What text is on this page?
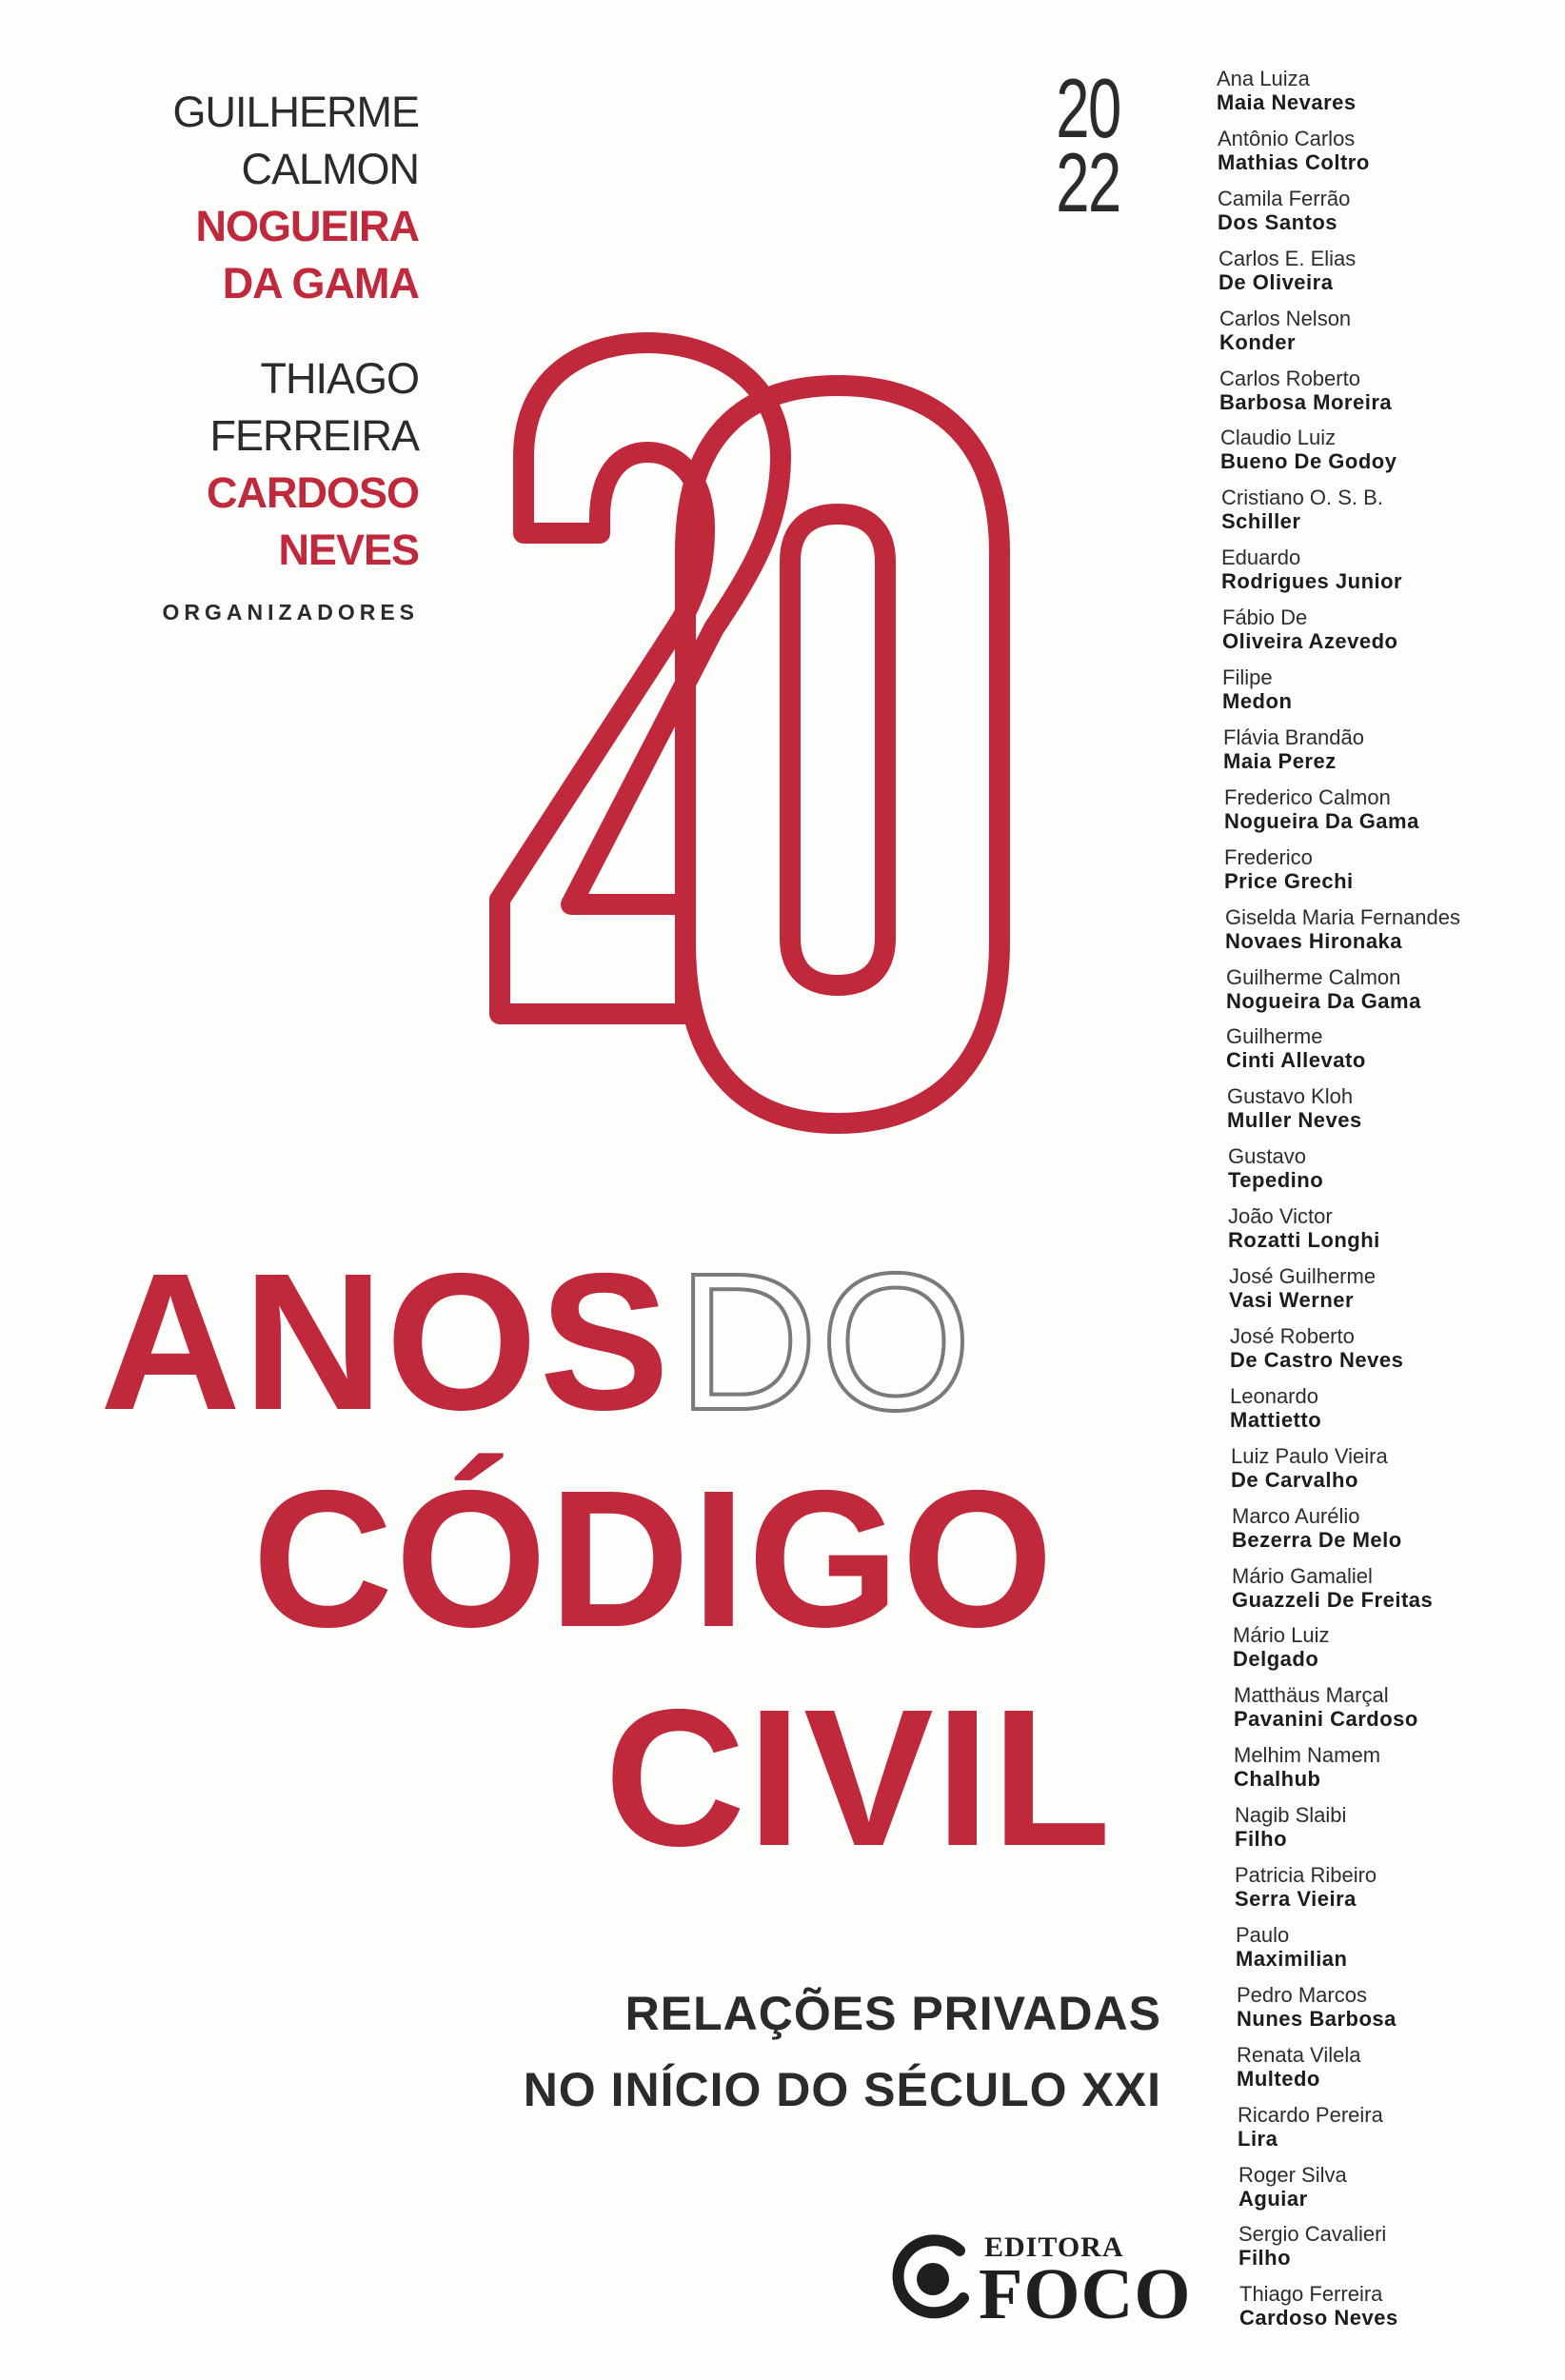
GUILHERME
CALMON
NOGUEIRA
DA GAMA
THIAGO
FERREIRA
CARDOSO
NEVES
ORGANIZADORES
20
22
ANOSDO
CÓDIGO
CIVIL
RELAÇÕES PRIVADAS
NO INÍCIO DO SÉCULO XXI
EDITORA
FOCO
Ana Luiza
Maia Nevares
Antônio Carlos
Mathias Coltro
Camila Ferrão
Dos Santos
Carlos E. Elias
De Oliveira
Carlos Nelson
Konder
Carlos Roberto
Barbosa Moreira
Claudio Luiz
Bueno De Godoy
Cristiano O. S. B.
Schiller
Eduardo
Rodrigues Junior
Fábio De
Oliveira Azevedo
Filipe
Medon
Flávia Brandão
Maia Perez
Frederico Calmon
Nogueira Da Gama
Frederico
Price Grechi
Giselda Maria Fernandes
Novaes Hironaka
Guilherme Calmon
Nogueira Da Gama
Guilherme
Cinti Allevato
Gustavo Kloh
Muller Neves
Gustavo
Tepedino
João Victor
Rozatti Longhi
José Guilherme
Vasi Werner
José Roberto
De Castro Neves
Leonardo
Mattietto
Luiz Paulo Vieira
De Carvalho
Marco Aurélio
Bezerra De Melo
Mário Gamaliel
Guazzeli De Freitas
Mário Luiz
Delgado
Matthäus Marçal
Pavanini Cardoso
Melhim Namem
Chalhub
Nagib Slaibi
Filho
Patricia Ribeiro
Serra Vieira
Paulo
Maximilian
Pedro Marcos
Nunes Barbosa
Renata Vilela
Multedo
Ricardo Pereira
Lira
Roger Silva
Aguiar
Sergio Cavalieri
Filho
Thiago Ferreira
Cardoso Neves
